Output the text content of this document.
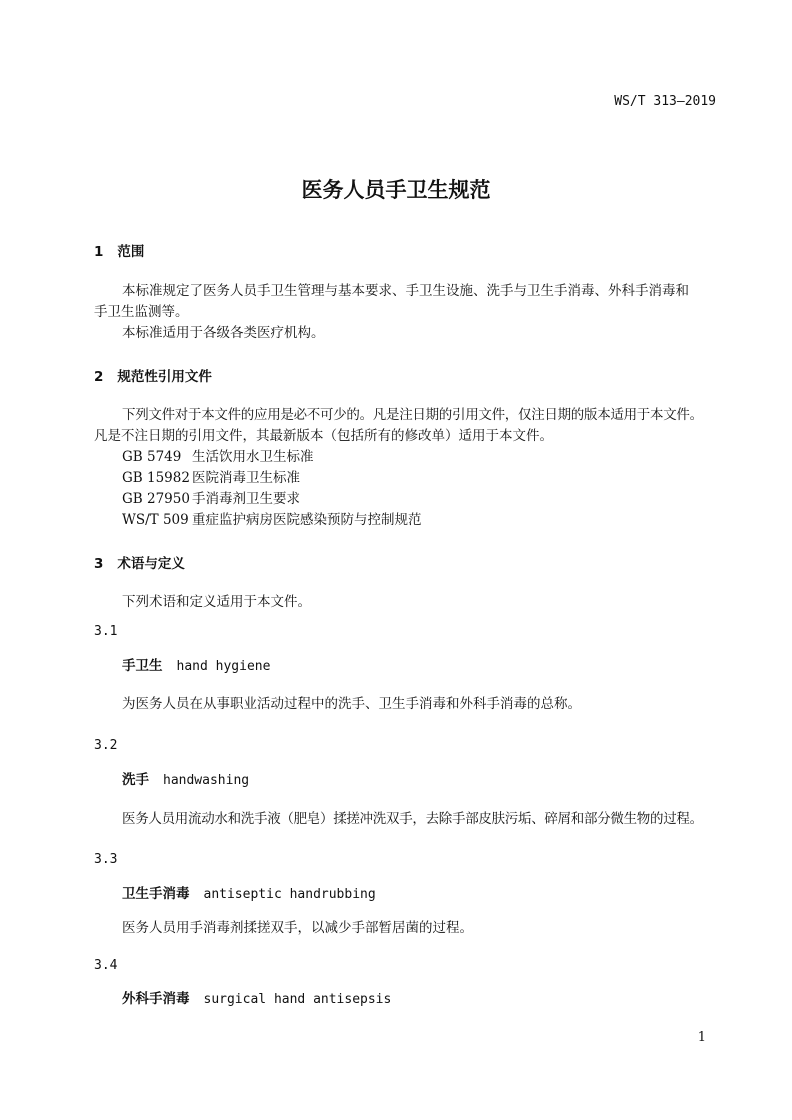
WS/T 313—2019
医务人员手卫生规范
1 范围
本标准规定了医务人员手卫生管理与基本要求、手卫生设施、洗手与卫生手消毒、外科手消毒和
手卫生监测等。
本标准适用于各级各类医疗机构。
2 规范性引用文件
下列文件对于本文件的应用是必不可少的。凡是注日期的引用文件，仅注日期的版本适用于本文件。
凡是不注日期的引用文件，其最新版本（包括所有的修改单）适用于本文件。
GB 5749 生活饮用水卫生标准
GB 15982 医院消毒卫生标准
GB 27950 手消毒剂卫生要求
WS/T 509 重症监护病房医院感染预防与控制规范
3 术语与定义
下列术语和定义适用于本文件。
3.1
手卫生 hand hygiene
为医务人员在从事职业活动过程中的洗手、卫生手消毒和外科手消毒的总称。
3.2
洗手 handwashing
医务人员用流动水和洗手液（肥皂）揉搓冲洗双手，去除手部皮肤污垢、碎屑和部分微生物的过程。
3.3
卫生手消毒 antiseptic handrubbing
医务人员用手消毒剂揉搓双手，以减少手部暂居菌的过程。
3.4
外科手消毒 surgical hand antisepsis
1
